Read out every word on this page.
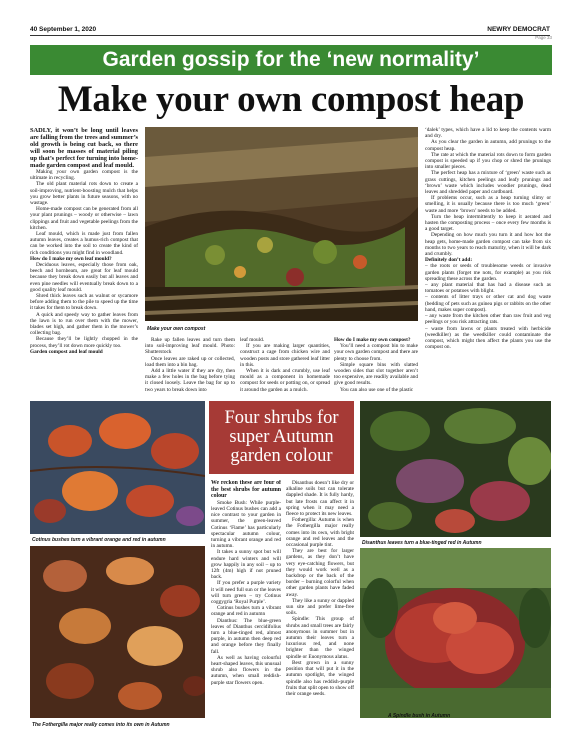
40 September 1, 2020	NEWRY DEMOCRAT
Page 33
Garden gossip for the ‘new normality’
Make your own compost heap

SADLY, it won’t be long until leaves are falling from the trees and summer’s old growth is being cut back, so there will soon be masses of material piling up that’s perfect for turning into home-made garden compost and leaf mould.

Making your own garden compost is the ultimate in recycling.

The old plant material rots down to create a soil-improving, nutrient-boosting mulch that helps you grow better plants in future seasons, with no wastage.

Home-made compost can be generated from all your plant prunings – woody or otherwise – lawn clippings and fruit and vegetable peelings from the kitchen.

Leaf mould, which is made just from fallen autumn leaves, creates a humus-rich compost that can be worked into the soil to create the kind of rich conditions you might find in woodland.

How do I make my own leaf mould?

Deciduous leaves, especially those from oak, beech and hornbeam, are great for leaf mould because they break down easily but all leaves and even pine needles will eventually break down to a good quality leaf mould.

Shred thick leaves such as walnut or sycamore before adding them to the pile to speed up the time it takes for them to break down.

A quick and speedy way to gather leaves from the lawn is to run over them with the mower, blades set high, and gather them in the mower’s collecting bag.

Because they’ll be lightly chopped in the process, they’ll rot down more quickly too.

Garden compost and leaf mould

Make your own compost

Rake up fallen leaves and turn them into soil-improving leaf mould. Photo: Shutterstock

Once leaves are raked up or collected, load them into a bin bag.

Add a little water if they are dry, then make a few holes in the bag before tying it closed loosely. Leave the bag for up to two years to break down into

leaf mould.

If you are making larger quantities, construct a cage from chicken wire and wooden posts and store gathered leaf litter in this.

When it is dark and crumbly, use leaf mould as a component in homemade compost for seeds or potting on, or spread it around the garden as a mulch.

How do I make my own compost?

You’ll need a compost bin to make your own garden compost and there are plenty to choose from.

Simple square bins with slatted wooden sides that slot together aren’t too expensive, are readily available and give good results.

You can also use one of the plastic

‘dalek’ types, which have a lid to keep the contents warm and dry.

As you clear the garden in autumn, add prunings to the compost heap.

The rate at which the material rots down to form garden compost is speeded up if you chop or shred the prunings into smaller pieces.

The perfect heap has a mixture of ‘green’ waste such as grass cuttings, kitchen peelings and leafy prunings and ‘brown’ waste which includes woodier prunings, dead leaves and shredded paper and cardboard.

If problems occur, such as a heap turning slimy or smelling, it is usually because there is too much ‘green’ waste and more ‘brown’ needs to be added.

Turn the heap intermittently to keep it aerated and hasten the composting process – once every few months is a good target.

Depending on how much you turn it and how hot the heap gets, home-made garden compost can take from six months to two years to reach maturity, when it will be dark and crumbly.

Definitely don’t add:

– the roots or seeds of troublesome weeds or invasive garden plants (forget me nots, for example) as you risk spreading these across the garden.

– any plant material that has had a disease such as tomatoes or potatoes with blight.

– contents of litter trays or other cat and dog waste (bedding of pets such as guinea pigs or rabbits on the other hand, makes super compost).

– any waste from the kitchen other than raw fruit and veg peelings or you risk attracting rats.

– waste from lawns or plants treated with herbicide (weedkiller) as the weedkiller could contaminate the compost, which might then affect the plants you use the compost on.

Cotinus bushes turn a vibrant orange and red in autumn
The Fothergilla major really comes into its own in Autumn
Four shrubs for super Autumn garden colour

We reckon these are four of the best shrubs for autumn colour

Smoke Bush: While purple-leaved Cotinus bushes can add a nice contrast to your garden in summer, the green-leaved Cotinus ‘Flame’ has particularly spectacular autumn colour, turning a vibrant orange and red in autumn.

It takes a sunny spot but will endure hard winters and will grow happily in any soil – up to 12ft (4m) high if not pruned back.

If you prefer a purple variety it will need full sun or the leaves will turn green – try Cotinus coggygria ‘Royal Purple’.

Cotinus bushes turn a vibrant orange and red in autumn

Dianthus: The blue-green leaves of Dianthus cercidifolius turn a blue-tinged red, almost purple, in autumn then deep red and orange before they finally fall.

As well as having colourful heart-shaped leaves, this unusual shrub also flowers in the autumn, when small reddish-purple star flowers open.

Disanthus doesn’t like dry or alkaline soils but can tolerate dappled shade. It is fully hardy, but late frosts can affect it in spring when it may need a fleece to protect its new leaves.

Fothergilla: Autumn is when the Fothergilla major really comes into its own, with bright orange and red leaves and the occasional purple tint.

They are best for larger gardens, as they don’t have very eye-catching flowers, but they would work well as a backdrop or the back of the border – burning colorful when other garden plants have faded away.

They like a sunny or dappled sun site and prefer lime-free soils.

Spindle: This group of shrubs and small trees are fairly anonymous in summer but in autumn their leaves turn a luxurious red, and none brighter than the winged spindle or Euonymous alatus.

Best grown in a sunny position that will put it in the autumn spotlight, the winged spindle also has reddish-purple fruits that split open to show off their orange seeds.

Disanthus leaves turn a blue-tinged red in Autumn
A Spindle bush in Autumn
